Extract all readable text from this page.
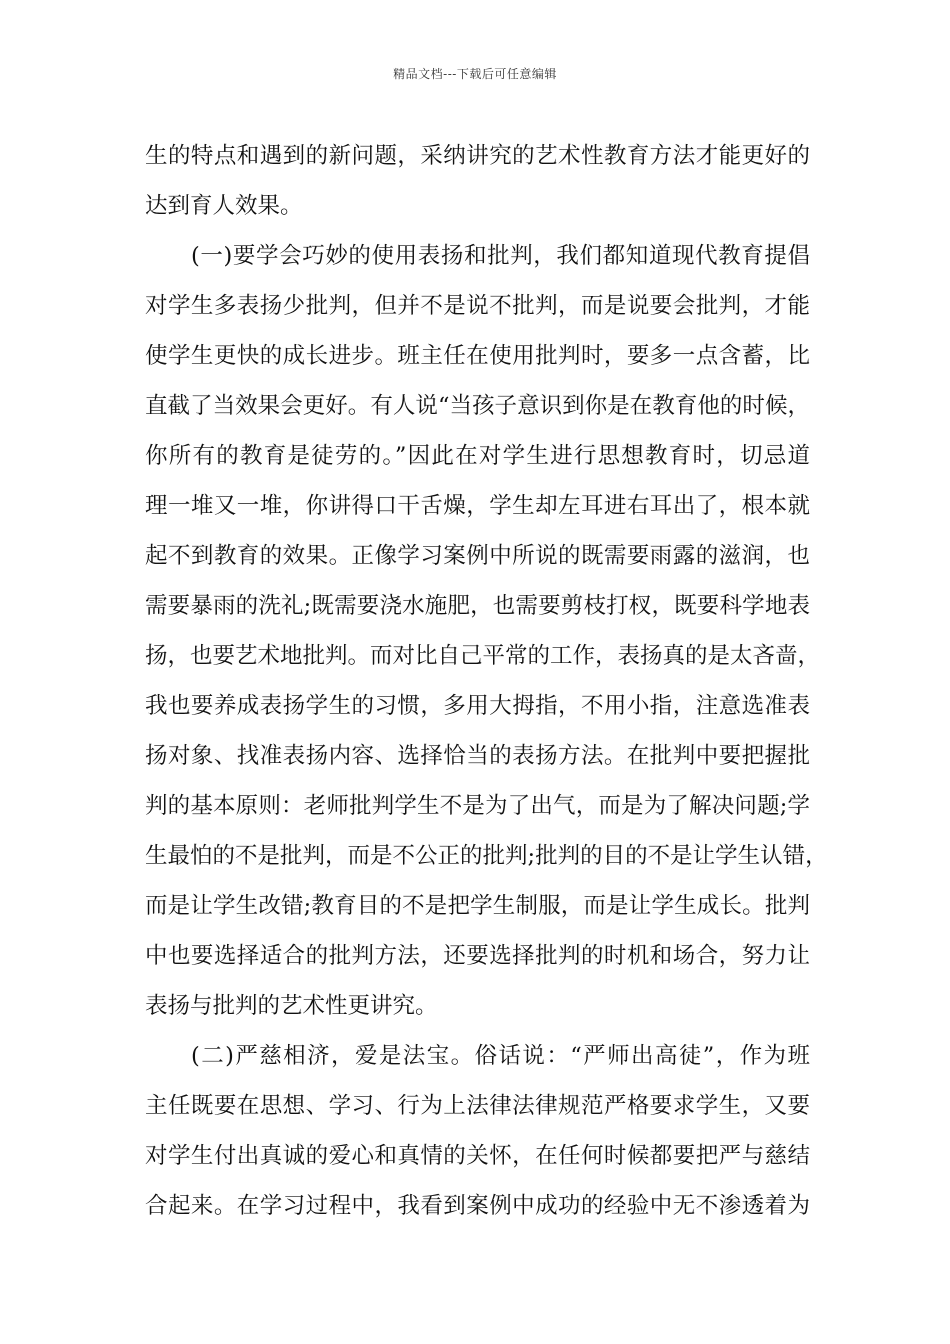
精品文档---下载后可任意编辑
生的特点和遇到的新问题，采纳讲究的艺术性教育方法才能更好的
达到育人效果。
(一)要学会巧妙的使用表扬和批判，我们都知道现代教育提倡
对学生多表扬少批判，但并不是说不批判，而是说要会批判，才能
使学生更快的成长进步。班主任在使用批判时，要多一点含蓄，比
直截了当效果会更好。有人说“当孩子意识到你是在教育他的时候，
你所有的教育是徒劳的。”因此在对学生进行思想教育时，切忌道
理一堆又一堆，你讲得口干舌燥，学生却左耳进右耳出了，根本就
起不到教育的效果。正像学习案例中所说的既需要雨露的滋润，也
需要暴雨的洗礼;既需要浇水施肥，也需要剪枝打杈，既要科学地表
扬，也要艺术地批判。而对比自己平常的工作，表扬真的是太吝啬，
我也要养成表扬学生的习惯，多用大拇指，不用小指，注意选准表
扬对象、找准表扬内容、选择恰当的表扬方法。在批判中要把握批
判的基本原则：老师批判学生不是为了出气，而是为了解决问题;学
生最怕的不是批判，而是不公正的批判;批判的目的不是让学生认错，
而是让学生改错;教育目的不是把学生制服，而是让学生成长。批判
中也要选择适合的批判方法，还要选择批判的时机和场合，努力让
表扬与批判的艺术性更讲究。
(二)严慈相济，爱是法宝。俗话说：“严师出高徒”，作为班
主任既要在思想、学习、行为上法律法律规范严格要求学生，又要
对学生付出真诚的爱心和真情的关怀，在任何时候都要把严与慈结
合起来。在学习过程中，我看到案例中成功的经验中无不渗透着为
